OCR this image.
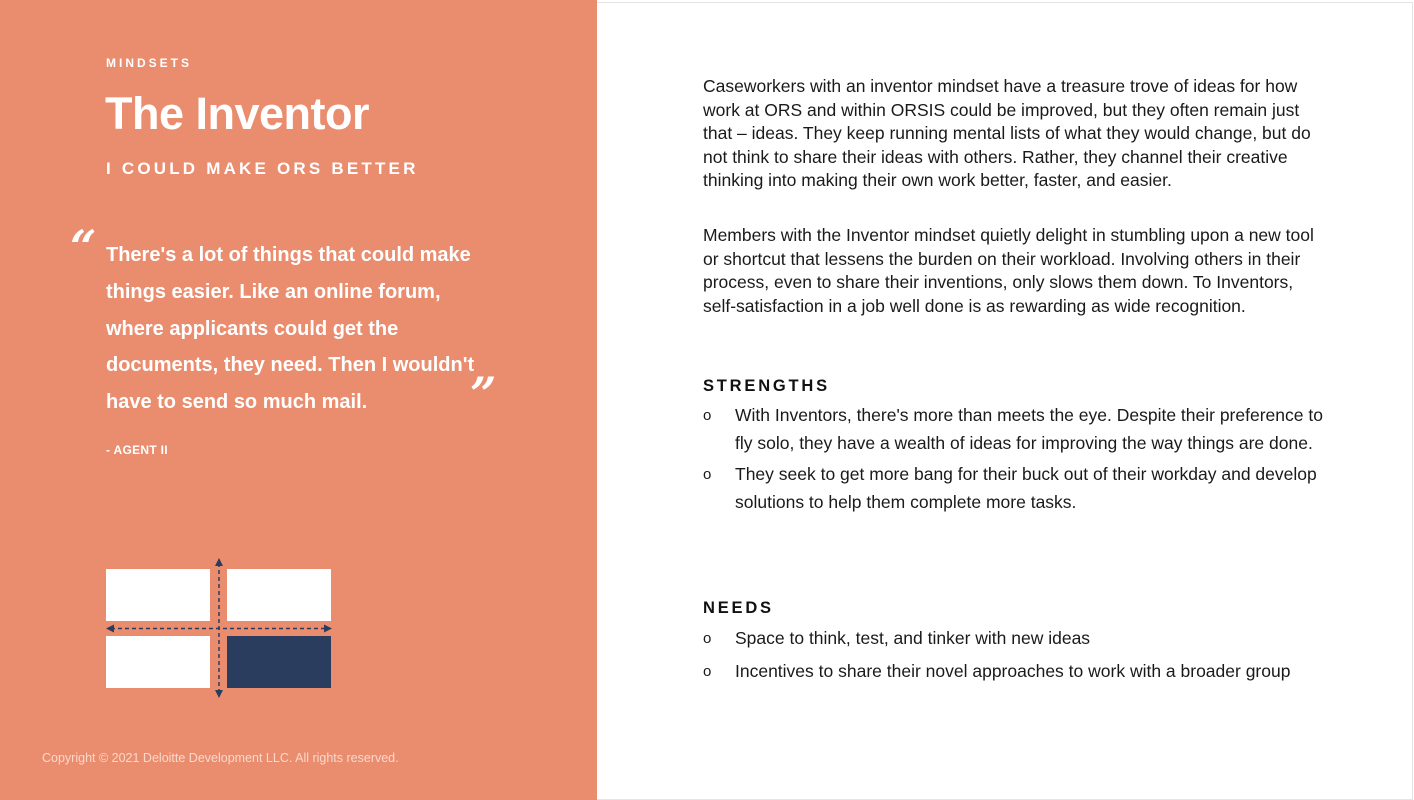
MINDSETS
The Inventor
I COULD MAKE ORS BETTER
“ There's a lot of things that could make things easier. Like an online forum, where applicants could get the documents, they need. Then I wouldn't have to send so much mail.	”
- AGENT II
Copyright © 2021 Deloitte Development LLC. All rights reserved.
Caseworkers with an inventor mindset have a treasure trove of ideas for how work at ORS and within ORSIS could be improved, but they often remain just that – ideas. They keep running mental lists of what they would change, but do not think to share their ideas with others. Rather, they channel their creative thinking into making their own work better, faster, and easier.
Members with the Inventor mindset quietly delight in stumbling upon a new tool or shortcut that lessens the burden on their workload. Involving others in their process, even to share their inventions, only slows them down. To Inventors, self-satisfaction in a job well done is as rewarding as wide recognition.
STRENGTHS
o With Inventors, there's more than meets the eye. Despite their preference to fly solo, they have a wealth of ideas for improving the way things are done.
o They seek to get more bang for their buck out of their workday and develop solutions to help them complete more tasks.
NEEDS
o Space to think, test, and tinker with new ideas
o Incentives to share their novel approaches to work with a broader group
